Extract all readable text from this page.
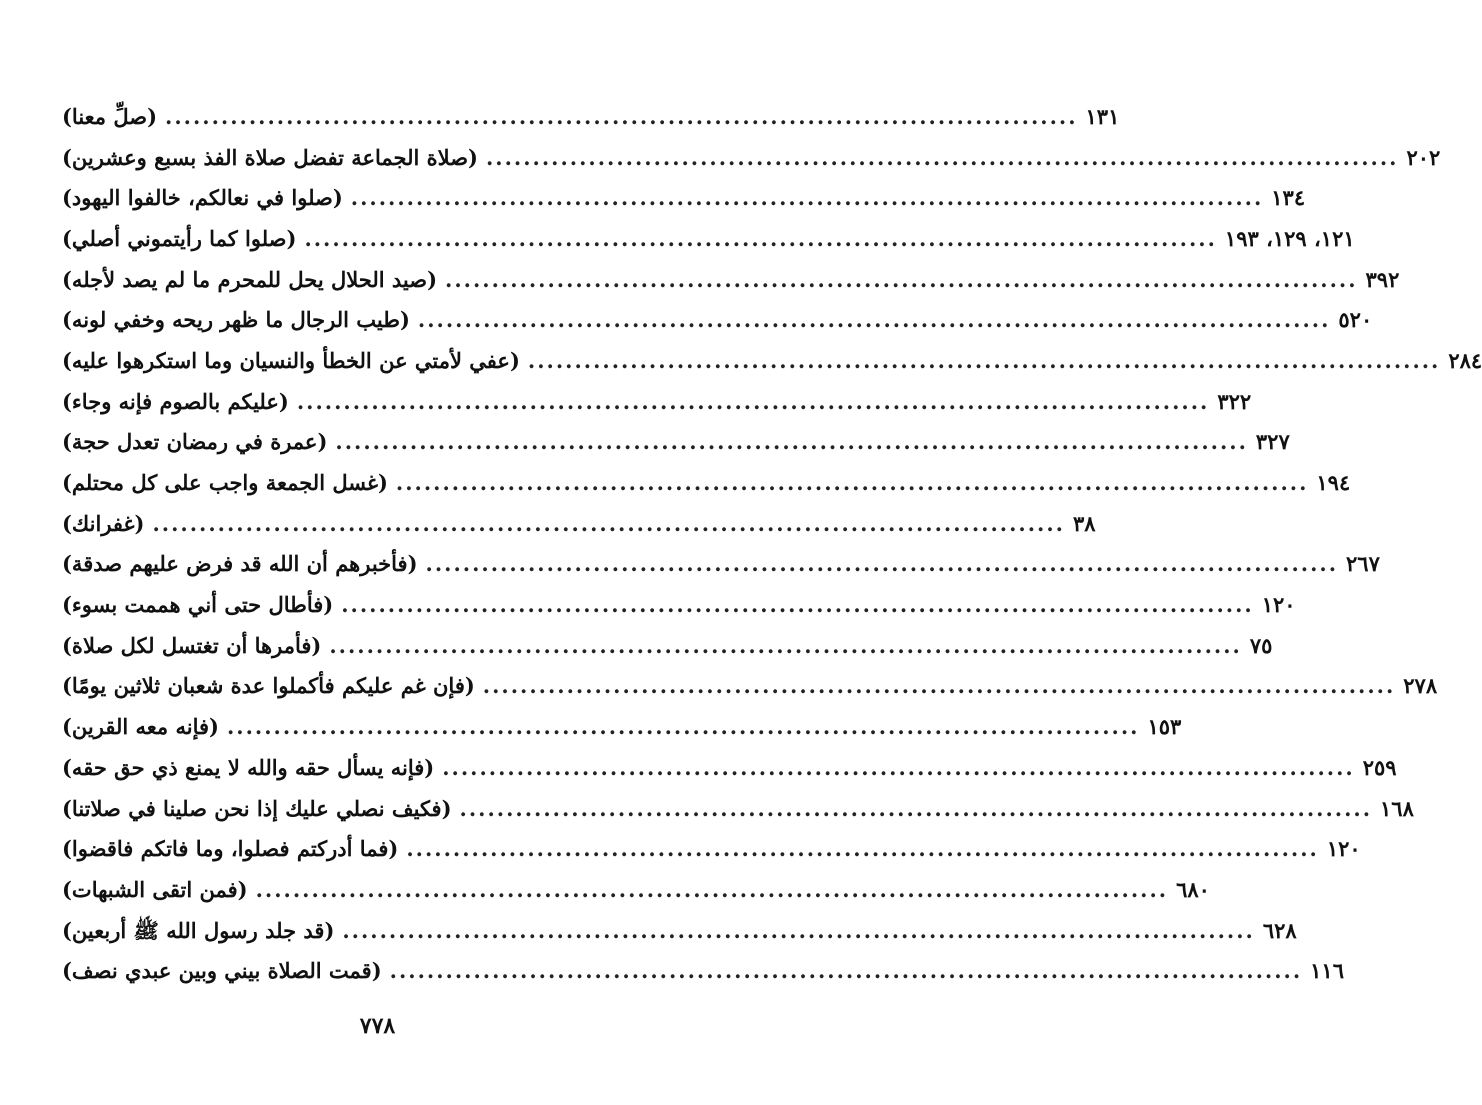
(صلِّ معنا) .................................................................................................. ١٣١
(صلاة الجماعة تفضل صلاة الفذ بسبع وعشرين) .................................................................................................. ٢٠٢
(صلوا في نعالكم، خالفوا اليهود) .................................................................................................. ١٣٤
(صلوا كما رأيتموني أصلي) .................................................................................................. ١٢١، ١٢٩، ١٩٣
(صيد الحلال يحل للمحرم ما لم يصد لأجله) .................................................................................................. ٣٩٢
(طيب الرجال ما ظهر ريحه وخفي لونه) .................................................................................................. ٥٢٠
(عفي لأمتي عن الخطأ والنسيان وما استكرهوا عليه) .................................................................................................. ٢٨٤
(عليكم بالصوم فإنه وجاء) .................................................................................................. ٣٢٢
(عمرة في رمضان تعدل حجة) .................................................................................................. ٣٢٧
(غسل الجمعة واجب على كل محتلم) .................................................................................................. ١٩٤
(غفرانك) .................................................................................................. ٣٨
(فأخبرهم أن الله قد فرض عليهم صدقة) .................................................................................................. ٢٦٧
(فأطال حتى أني هممت بسوء) .................................................................................................. ١٢٠
(فأمرها أن تغتسل لكل صلاة) .................................................................................................. ٧٥
(فإن غم عليكم فأكملوا عدة شعبان ثلاثين يومًا) .................................................................................................. ٢٧٨
(فإنه معه القرين) .................................................................................................. ١٥٣
(فإنه يسأل حقه والله لا يمنع ذي حق حقه) .................................................................................................. ٢٥٩
(فكيف نصلي عليك إذا نحن صلينا في صلاتنا) .................................................................................................. ١٦٨
(فما أدركتم فصلوا، وما فاتكم فاقضوا) .................................................................................................. ١٢٠
(فمن اتقى الشبهات) .................................................................................................. ٦٨٠
(قد جلد رسول الله ﷺ أربعين) .................................................................................................. ٦٢٨
(قمت الصلاة بيني وبين عبدي نصف) .................................................................................................. ١١٦
٧٧٨
